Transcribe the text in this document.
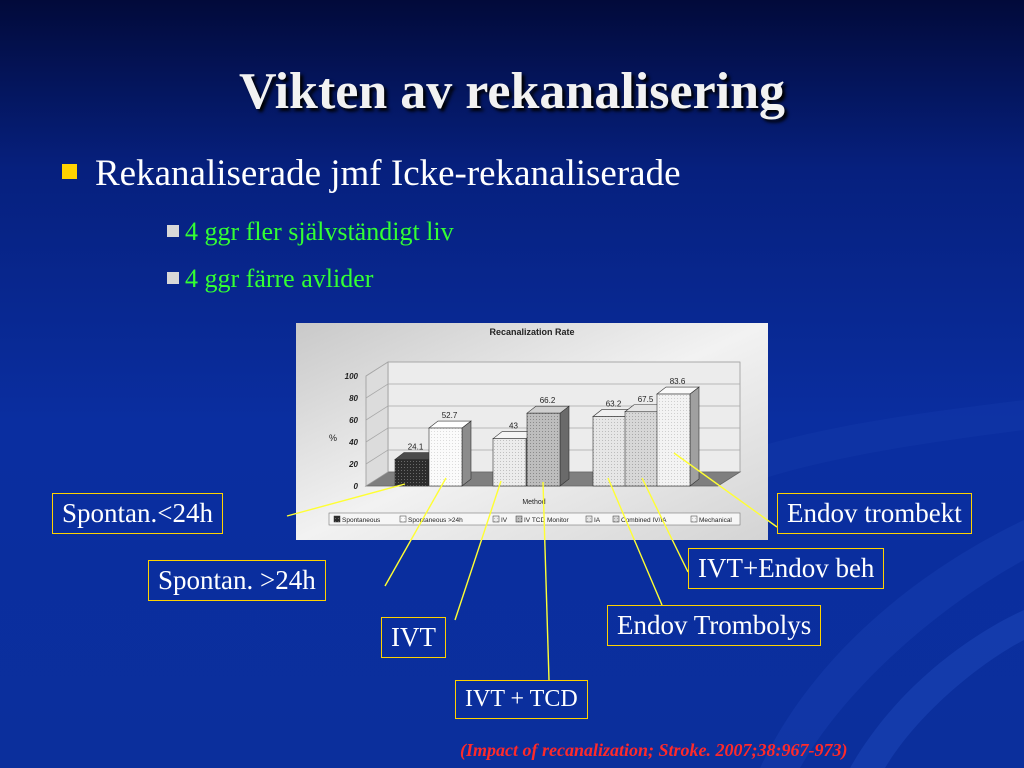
Vikten av rekanalisering
Rekanaliserade jmf Icke-rekanaliserade
4 ggr fler självständigt liv
4 ggr färre avlider
0
20
40
60
80
100
24.1
52.7
43
66.2	63.2
67.5
83.6
Recanalization Rate
%
Method
Spontaneous	Spontaneous >24h	IV	IV TCD Monitor	IA	Combined IV/IA	Mechanical
Spontan.<24h
Spontan. >24h
IVT
IVT + TCD
Endov Trombolys
IVT+Endov beh
Endov trombekt
(Impact of recanalization; Stroke. 2007;38:967-973)
